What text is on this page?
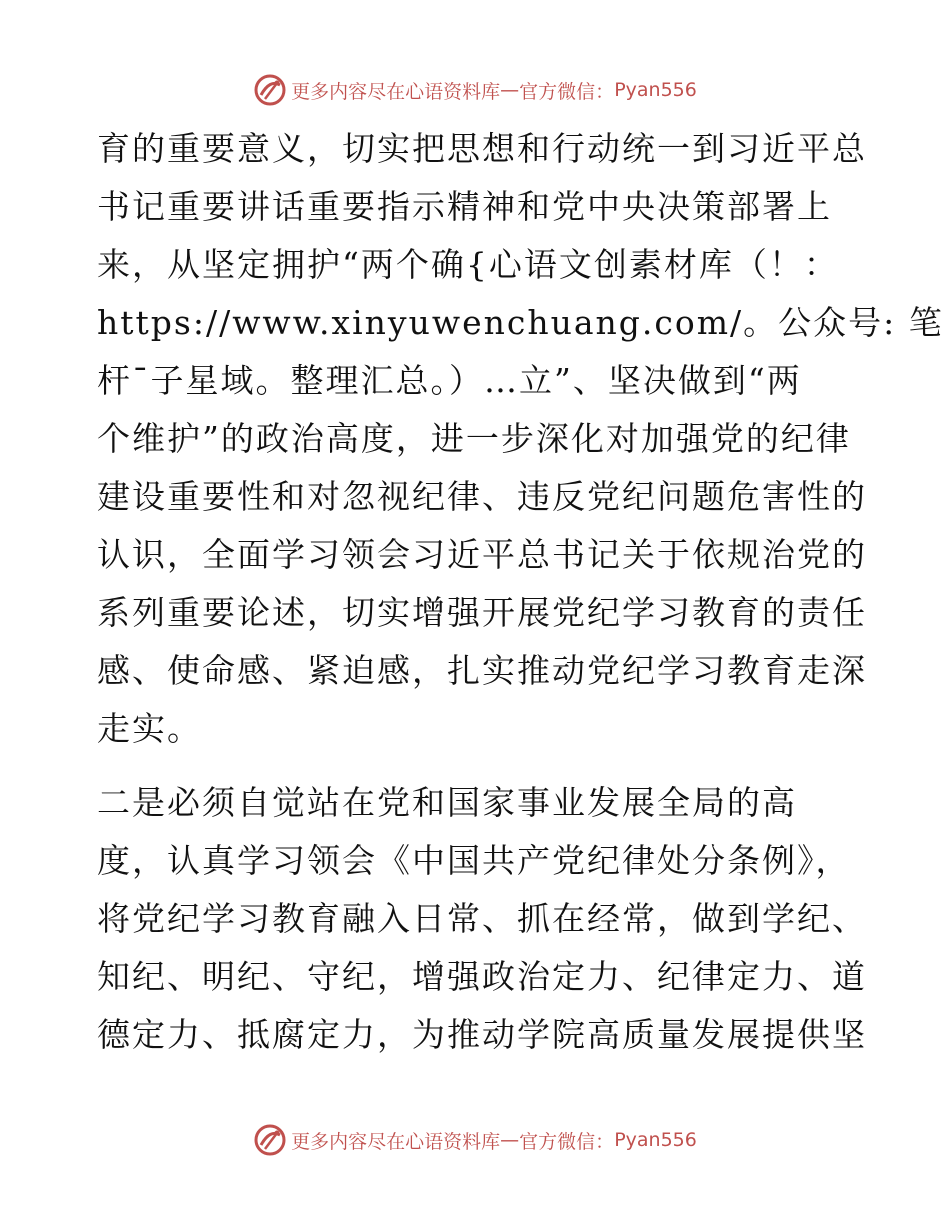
更多内容尽在心语资料库 — 官方微信： Pyan556

育的重要意义，切实把思想和行动统一到习近平总
书记重要讲话重要指示精神和党中央决策部署上
来，从坚定拥护“两个确{心语文创素材库（！：
https://www.xinyuwenchuang.com/。公众号: 笔
杆¯子星域。整理汇总。）…立”、坚决做到“两
个维护”的政治高度，进一步深化对加强党的纪律
建设重要性和对忽视纪律、违反党纪问题危害性的
认识，全面学习领会习近平总书记关于依规治党的
系列重要论述，切实增强开展党纪学习教育的责任
感、使命感、紧迫感，扎实推动党纪学习教育走深
走实。

二是必须自觉站在党和国家事业发展全局的高
度，认真学习领会《中国共产党纪律处分条例》，
将党纪学习教育融入日常、抓在经常，做到学纪、
知纪、明纪、守纪，增强政治定力、纪律定力、道
德定力、抵腐定力，为推动学院高质量发展提供坚

更多内容尽在心语资料库 — 官方微信： Pyan556
